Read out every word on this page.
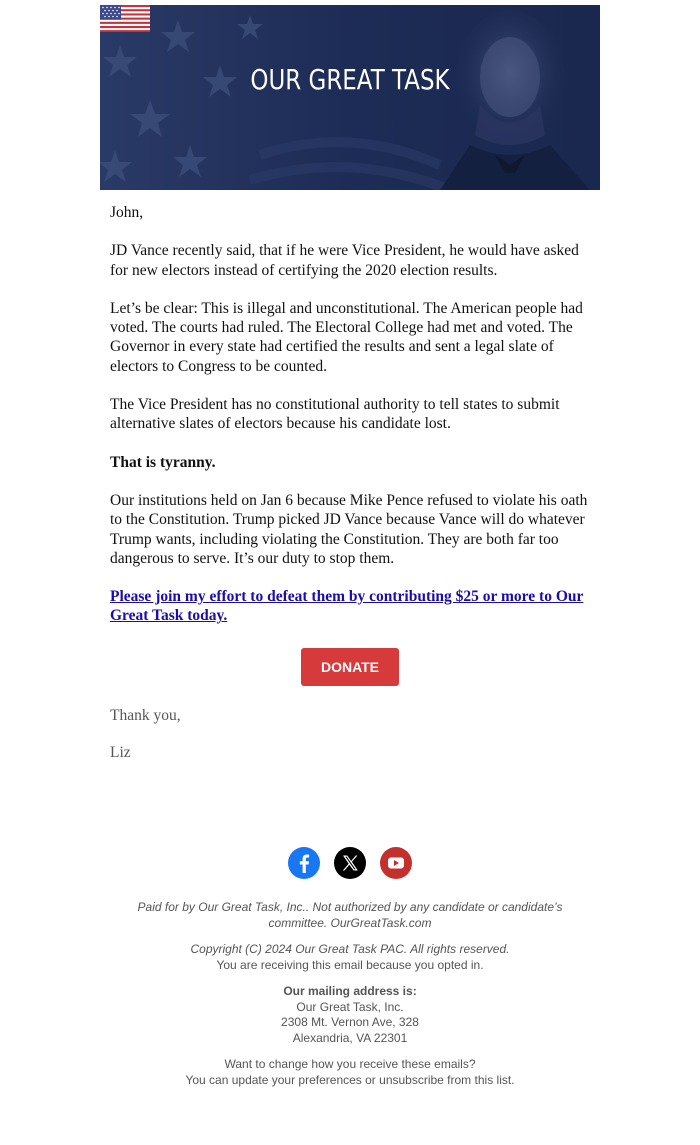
OUR GREAT TASK

John,

JD Vance recently said, that if he were Vice President, he would have asked for new electors instead of certifying the 2020 election results.

Let’s be clear: This is illegal and unconstitutional. The American people had voted. The courts had ruled. The Electoral College had met and voted. The Governor in every state had certified the results and sent a legal slate of electors to Congress to be counted.

The Vice President has no constitutional authority to tell states to submit alternative slates of electors because his candidate lost.

That is tyranny.

Our institutions held on Jan 6 because Mike Pence refused to violate his oath to the Constitution. Trump picked JD Vance because Vance will do whatever Trump wants, including violating the Constitution. They are both far too dangerous to serve. It’s our duty to stop them.

Please join my effort to defeat them by contributing $25 or more to Our Great Task today.

DONATE

Thank you,

Liz

Paid for by Our Great Task, Inc.. Not authorized by any candidate or candidate’s
committee. OurGreatTask.com

Copyright (C) 2024 Our Great Task PAC. All rights reserved.
You are receiving this email because you opted in.

Our mailing address is:
Our Great Task, Inc.
2308 Mt. Vernon Ave, 328
Alexandria, VA 22301

Want to change how you receive these emails?
You can update your preferences or unsubscribe from this list.
